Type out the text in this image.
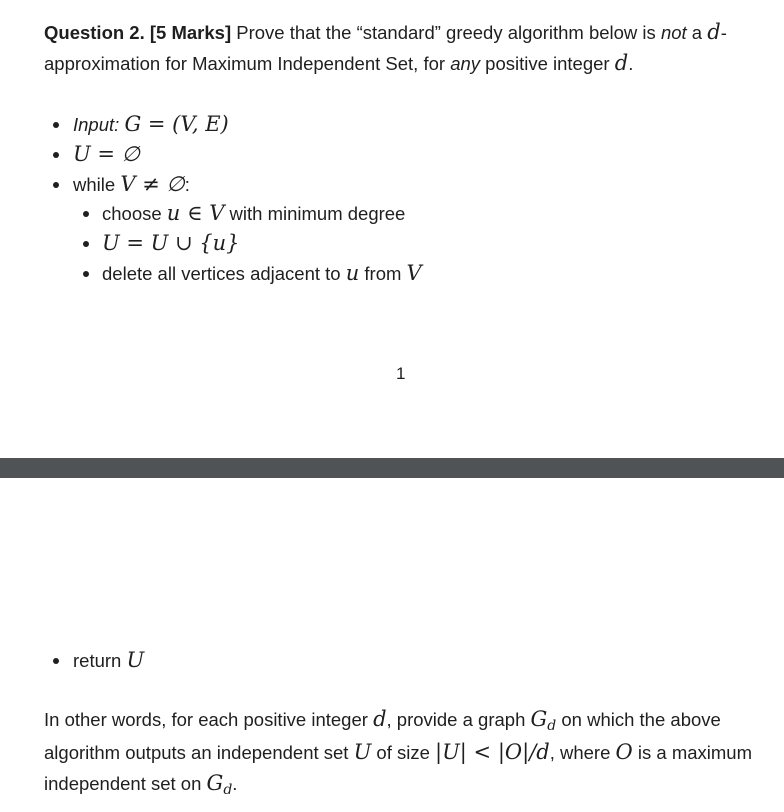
Question 2. [5 Marks] Prove that the “standard” greedy algorithm below is not a d-approximation for Maximum Independent Set, for any positive integer d.
Input: G = (V, E)
U = ∅
while V ≠ ∅:
choose u ∈ V with minimum degree
U = U ∪ {u}
delete all vertices adjacent to u from V
1
return U
In other words, for each positive integer d, provide a graph $G_d$ on which the above algorithm outputs an independent set U of size |U| < |O|/d, where O is a maximum independent set on $G_d$.
